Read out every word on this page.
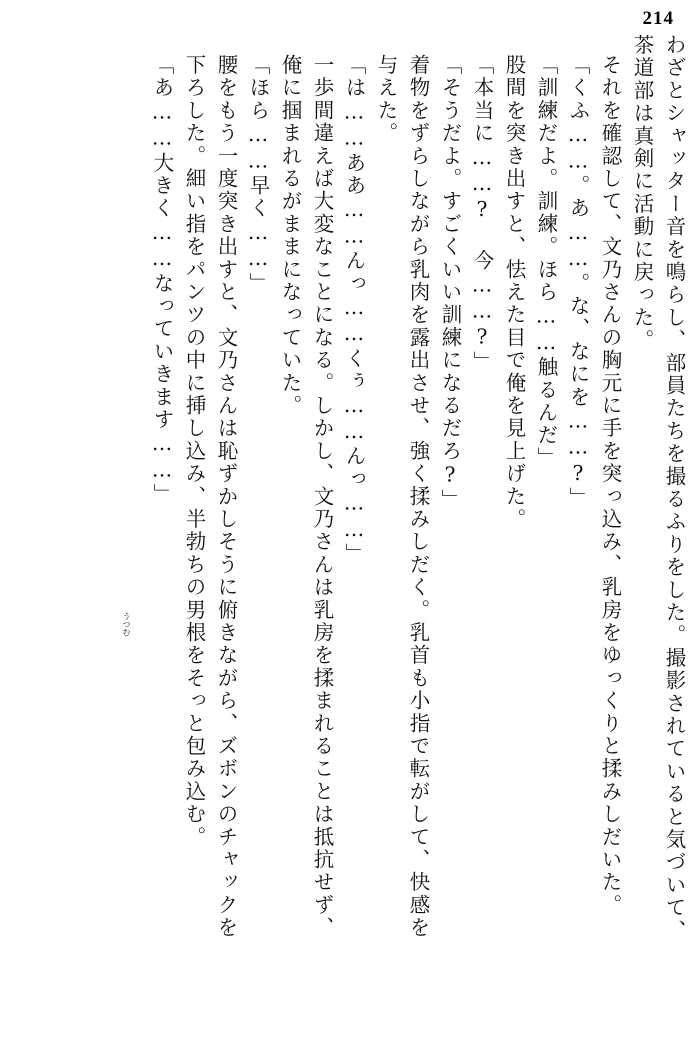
214
わざとシャッター音を鳴らし、部員たちを撮るふりをした。撮影されていると気づいて、
茶道部は真剣に活動に戻った。
それを確認して、文乃さんの胸元に手を突っ込み、乳房をゆっくりと揉みしだいた。
「くふ……。あ……。な、なにを……?」
「訓練だよ。訓練。ほら……触るんだ」
股間を突き出すと、怯えた目で俺を見上げた。
「本当に……? 今……?」
「そうだよ。すごくいい訓練になるだろ?」
着物をずらしながら乳肉を露出させ、強く揉みしだく。乳首も小指で転がして、快感を
与えた。
「は……ああ……んっ……くぅ……んっ……」
一歩間違えば大変なことになる。しかし、文乃さんは乳房を揉まれることは抵抗せず、
俺に掴まれるがままになっていた。
「ほら……早く……」
腰をもう一度突き出すと、文乃さんは恥ずかしそうに俯きながら、ズボンのチャックを
下ろした。細い指をパンツの中に挿し込み、半勃ちの男根をそっと包み込む。
「あ……大きく……なっていきます……」
うつむ
